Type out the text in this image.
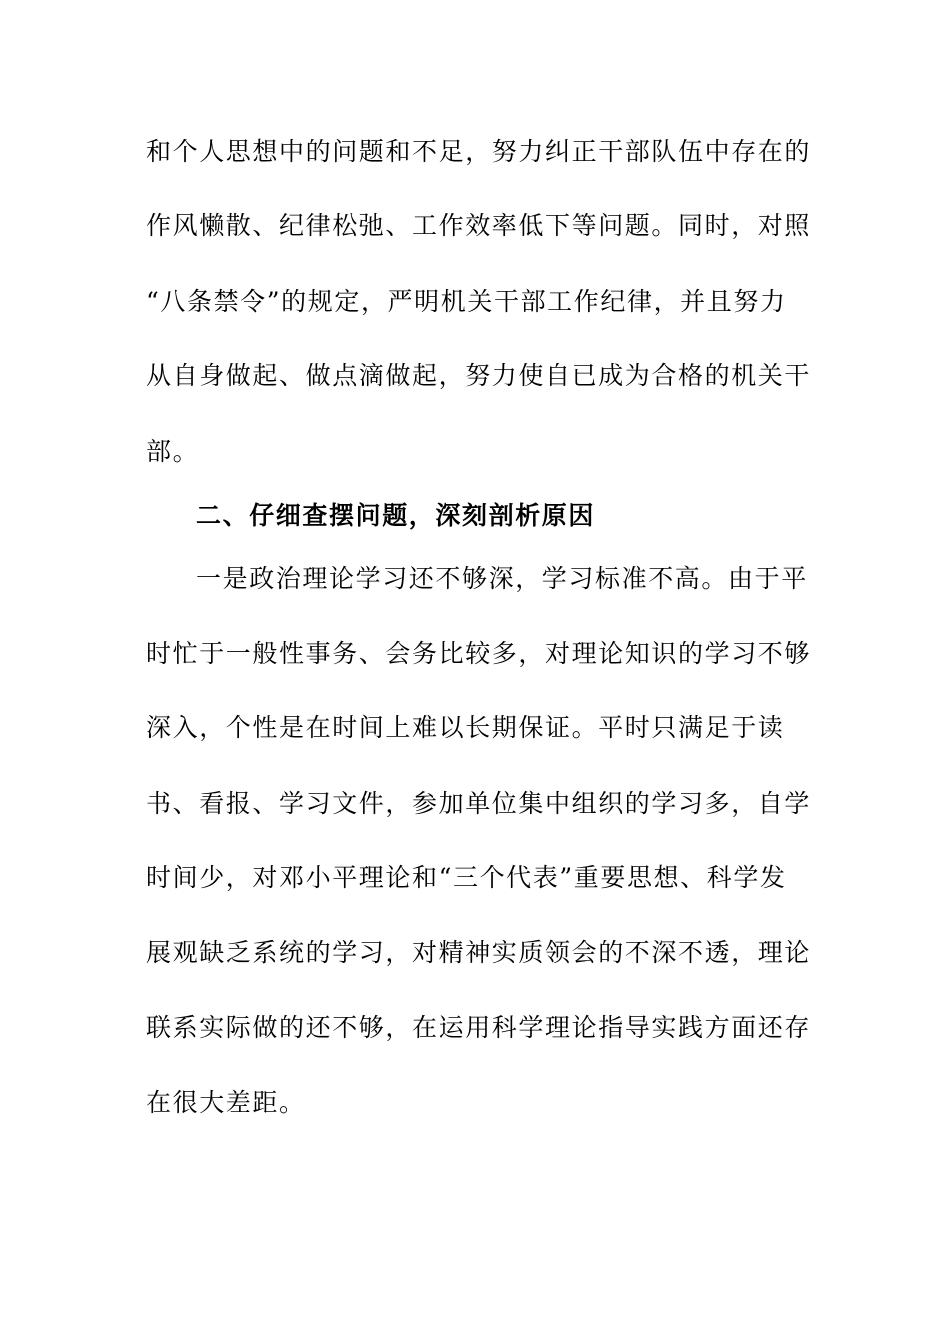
和个人思想中的问题和不足，努力纠正干部队伍中存在的
作风懒散、纪律松弛、工作效率低下等问题。同时，对照
“八条禁令”的规定，严明机关干部工作纪律，并且努力
从自身做起、做点滴做起，努力使自已成为合格的机关干
部。
二、仔细查摆问题，深刻剖析原因
一是政治理论学习还不够深，学习标准不高。由于平
时忙于一般性事务、会务比较多，对理论知识的学习不够
深入，个性是在时间上难以长期保证。平时只满足于读
书、看报、学习文件，参加单位集中组织的学习多，自学
时间少，对邓小平理论和“三个代表”重要思想、科学发
展观缺乏系统的学习，对精神实质领会的不深不透，理论
联系实际做的还不够，在运用科学理论指导实践方面还存
在很大差距。
